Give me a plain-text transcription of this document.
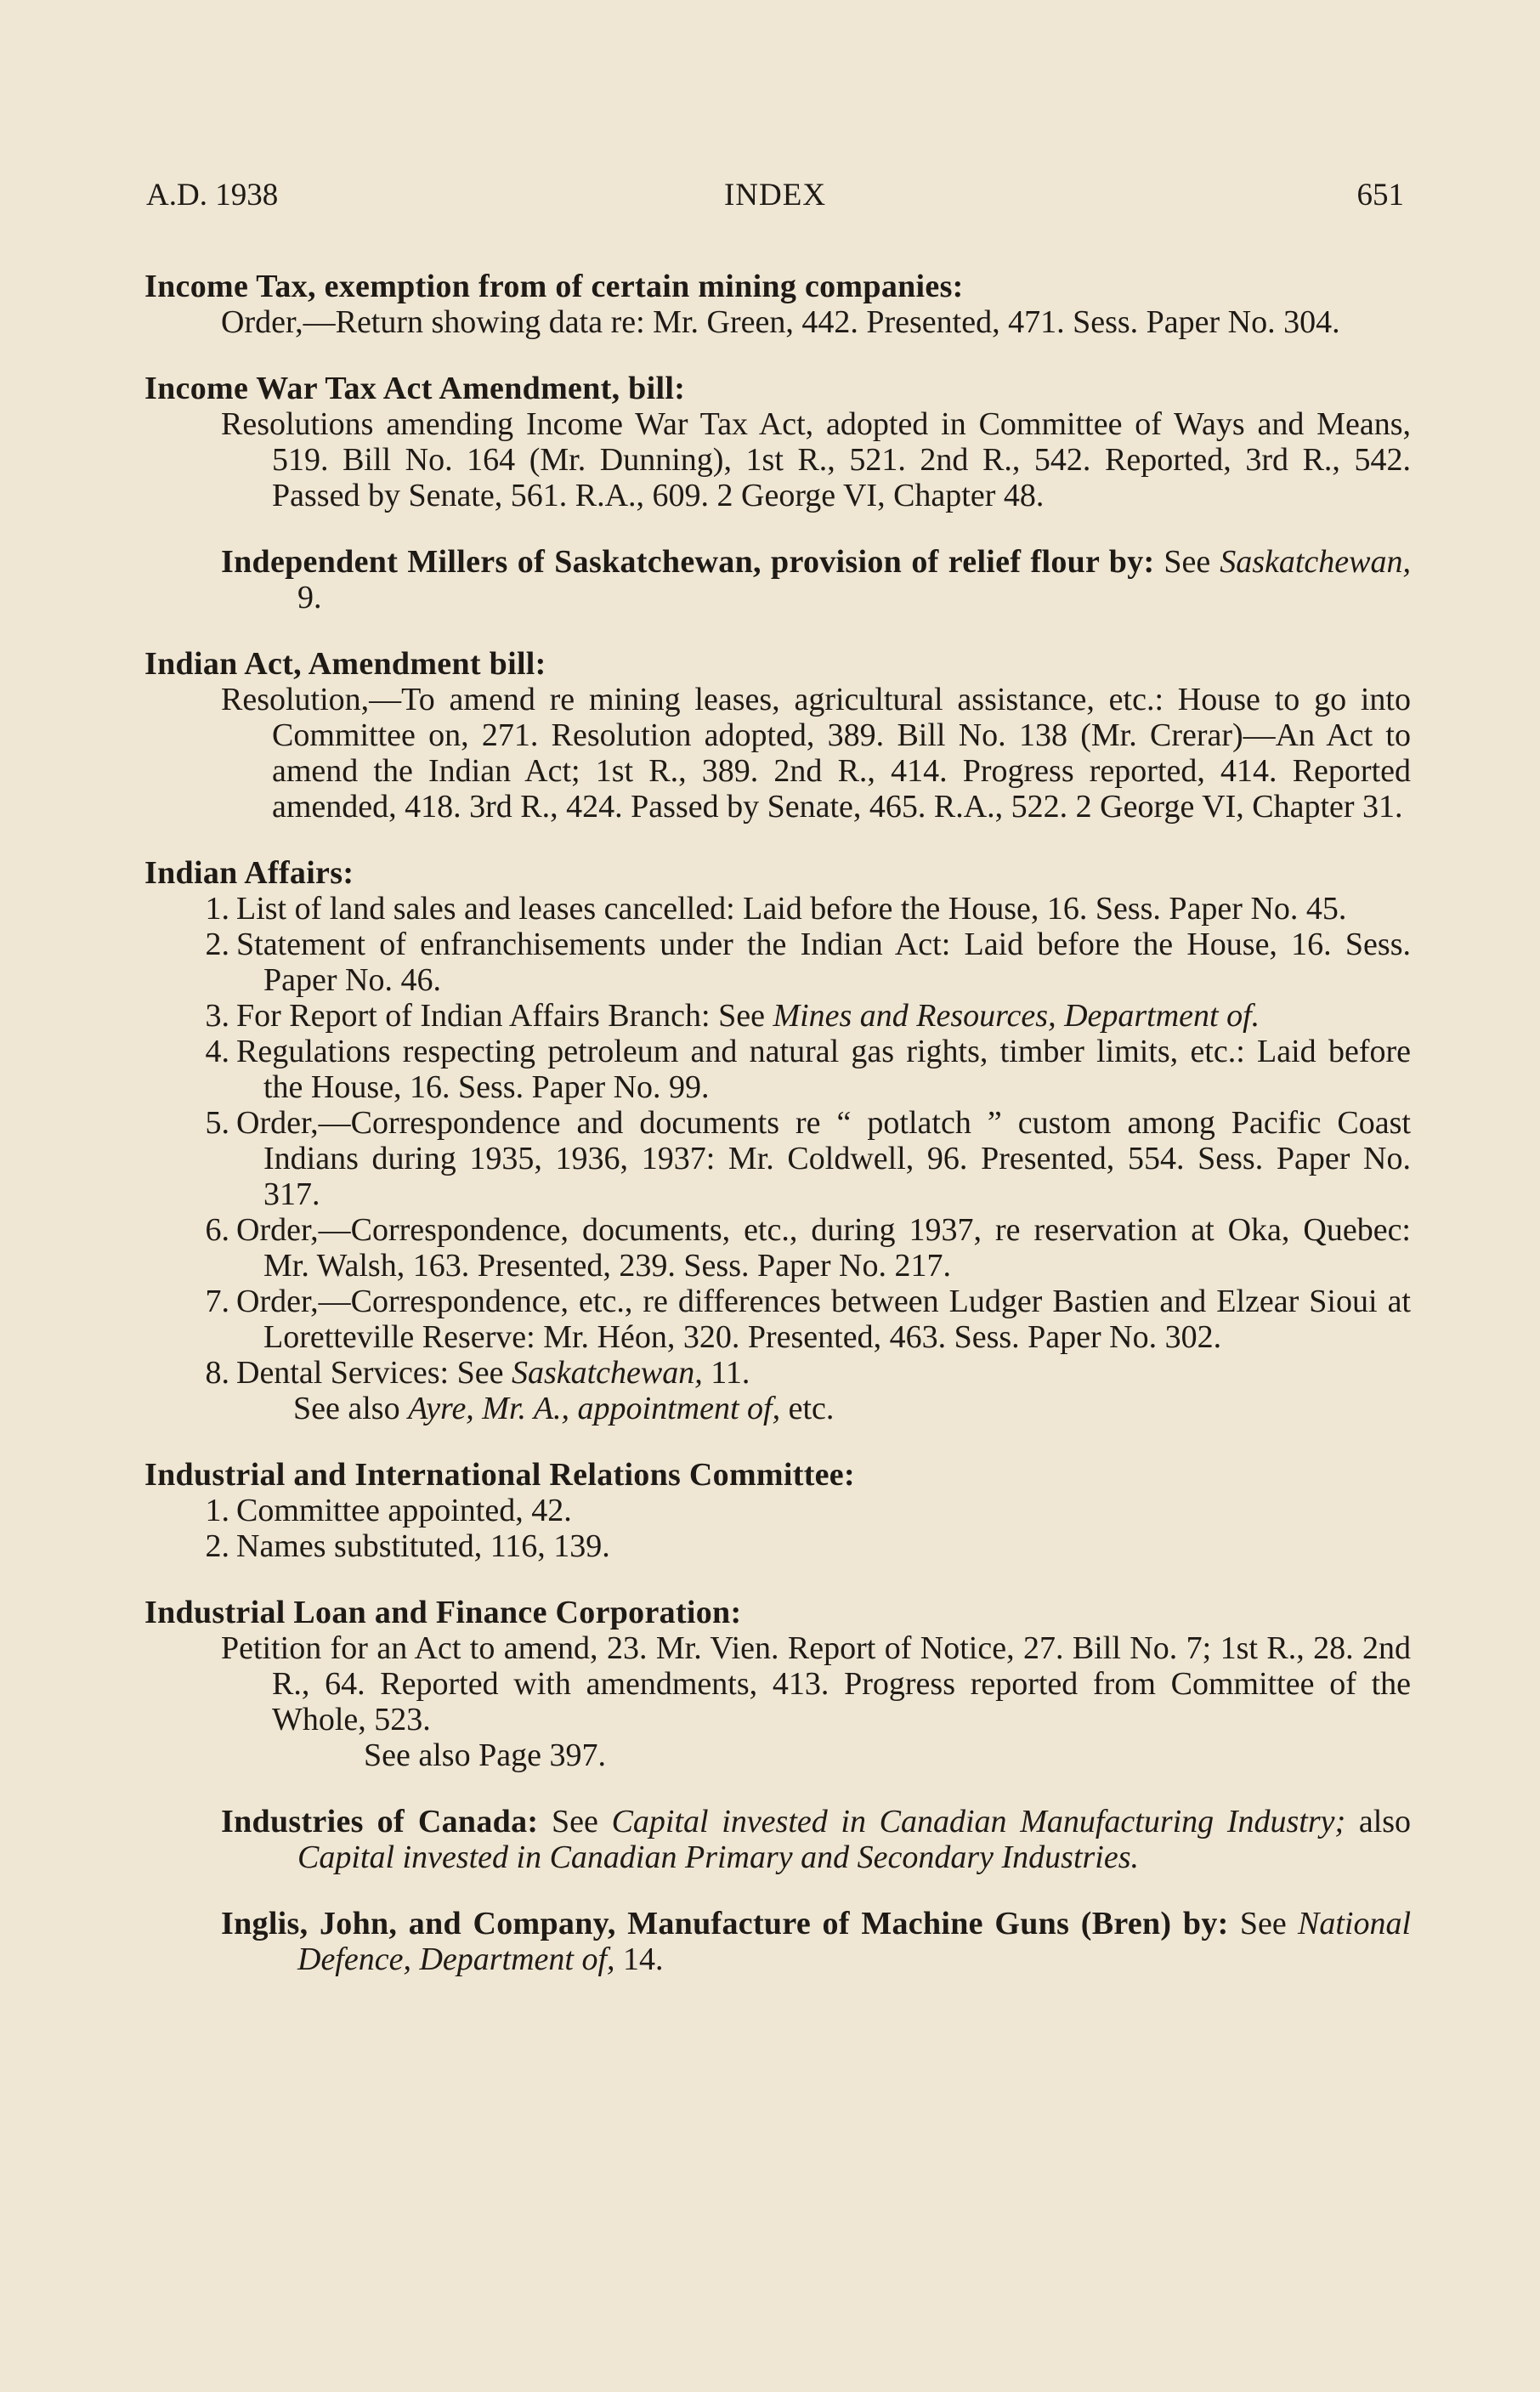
INDEX
A.D. 1938	651
Income Tax, exemption from of certain mining companies:
Order,—Return showing data re: Mr. Green, 442. Presented, 471. Sess. Paper No. 304.
Income War Tax Act Amendment, bill:
Resolutions amending Income War Tax Act, adopted in Committee of Ways and Means, 519. Bill No. 164 (Mr. Dunning), 1st R., 521. 2nd R., 542. Reported, 3rd R., 542. Passed by Senate, 561. R.A., 609. 2 George VI, Chapter 48.
Independent Millers of Saskatchewan, provision of relief flour by: See Saskatchewan, 9.
Indian Act, Amendment bill:
Resolution,—To amend re mining leases, agricultural assistance, etc.: House to go into Committee on, 271. Resolution adopted, 389. Bill No. 138 (Mr. Crerar)—An Act to amend the Indian Act; 1st R., 389. 2nd R., 414. Progress reported, 414. Reported amended, 418. 3rd R., 424. Passed by Senate, 465. R.A., 522. 2 George VI, Chapter 31.
Indian Affairs:
1. List of land sales and leases cancelled: Laid before the House, 16. Sess. Paper No. 45.
2. Statement of enfranchisements under the Indian Act: Laid before the House, 16. Sess. Paper No. 46.
3. For Report of Indian Affairs Branch: See Mines and Resources, Department of.
4. Regulations respecting petroleum and natural gas rights, timber limits, etc.: Laid before the House, 16. Sess. Paper No. 99.
5. Order,—Correspondence and documents re “ potlatch ” custom among Pacific Coast Indians during 1935, 1936, 1937: Mr. Coldwell, 96. Presented, 554. Sess. Paper No. 317.
6. Order,—Correspondence, documents, etc., during 1937, re reservation at Oka, Quebec: Mr. Walsh, 163. Presented, 239. Sess. Paper No. 217.
7. Order,—Correspondence, etc., re differences between Ludger Bastien and Elzear Sioui at Loretteville Reserve: Mr. Héon, 320. Presented, 463. Sess. Paper No. 302.
8. Dental Services: See Saskatchewan, 11.
See also Ayre, Mr. A., appointment of, etc.
Industrial and International Relations Committee:
1. Committee appointed, 42.
2. Names substituted, 116, 139.
Industrial Loan and Finance Corporation:
Petition for an Act to amend, 23. Mr. Vien. Report of Notice, 27. Bill No. 7; 1st R., 28. 2nd R., 64. Reported with amendments, 413. Progress reported from Committee of the Whole, 523.
See also Page 397.
Industries of Canada: See Capital invested in Canadian Manufacturing Industry; also Capital invested in Canadian Primary and Secondary Industries.
Inglis, John, and Company, Manufacture of Machine Guns (Bren) by: See National Defence, Department of, 14.
